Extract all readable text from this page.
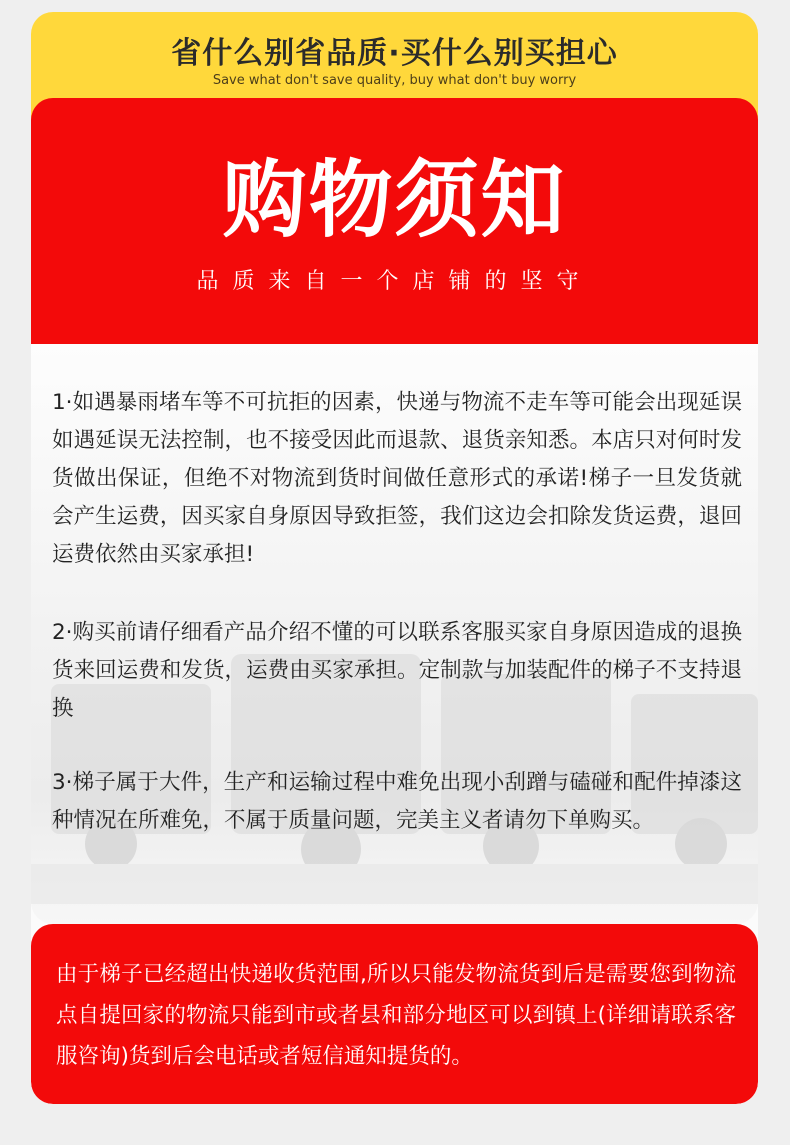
省什么别省品质·买什么别买担心
Save what don't save quality, buy what don't buy worry
购物须知
品质来自一个店铺的坚守
1·如遇暴雨堵车等不可抗拒的因素，快递与物流不走车等可能会出现延误如遇延误无法控制，也不接受因此而退款、退货亲知悉。本店只对何时发货做出保证，但绝不对物流到货时间做任意形式的承诺!梯子一旦发货就会产生运费，因买家自身原因导致拒签，我们这边会扣除发货运费，退回运费依然由买家承担!
2·购买前请仔细看产品介绍不懂的可以联系客服买家自身原因造成的退换货来回运费和发货，运费由买家承担。定制款与加装配件的梯子不支持退换
3·梯子属于大件，生产和运输过程中难免出现小刮蹭与磕碰和配件掉漆这种情况在所难免，不属于质量问题，完美主义者请勿下单购买。
由于梯子已经超出快递收货范围,所以只能发物流货到后是需要您到物流点自提回家的物流只能到市或者县和部分地区可以到镇上(详细请联系客服咨询)货到后会电话或者短信通知提货的。
